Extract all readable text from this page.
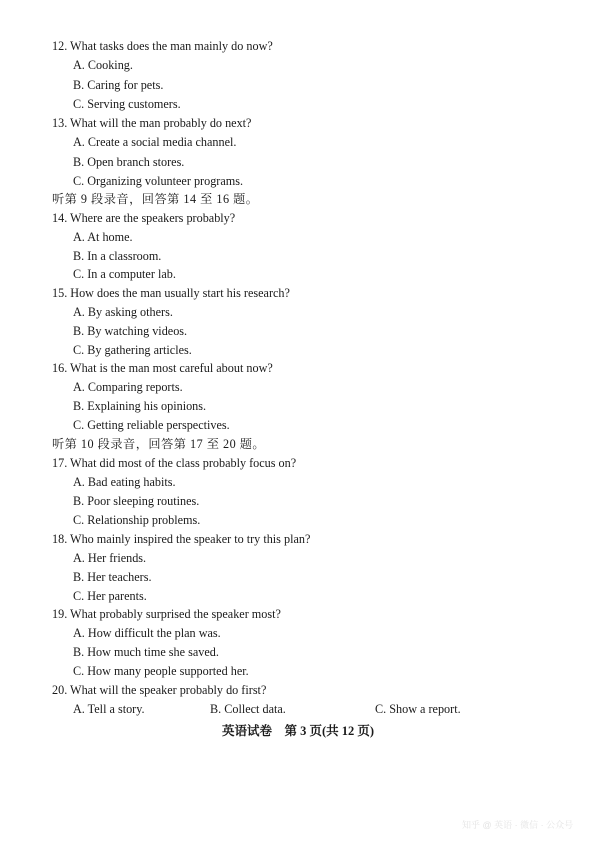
12. What tasks does the man mainly do now?
A. Cooking.
B. Caring for pets.
C. Serving customers.
13. What will the man probably do next?
A. Create a social media channel.
B. Open branch stores.
C. Organizing volunteer programs.
听第 9 段录音，回答第 14 至 16 题。
14. Where are the speakers probably?
A. At home.
B. In a classroom.
C. In a computer lab.
15. How does the man usually start his research?
A. By asking others.
B. By watching videos.
C. By gathering articles.
16. What is the man most careful about now?
A. Comparing reports.
B. Explaining his opinions.
C. Getting reliable perspectives.
听第 10 段录音，回答第 17 至 20 题。
17. What did most of the class probably focus on?
A. Bad eating habits.
B. Poor sleeping routines.
C. Relationship problems.
18. Who mainly inspired the speaker to try this plan?
A. Her friends.
B. Her teachers.
C. Her parents.
19. What probably surprised the speaker most?
A. How difficult the plan was.
B. How much time she saved.
C. How many people supported her.
20. What will the speaker probably do first?
A. Tell a story.	B. Collect data.	C. Show a report.
英语试卷　第 3 页(共 12 页)
知乎 @ 英语 · 微信 · 公众号
